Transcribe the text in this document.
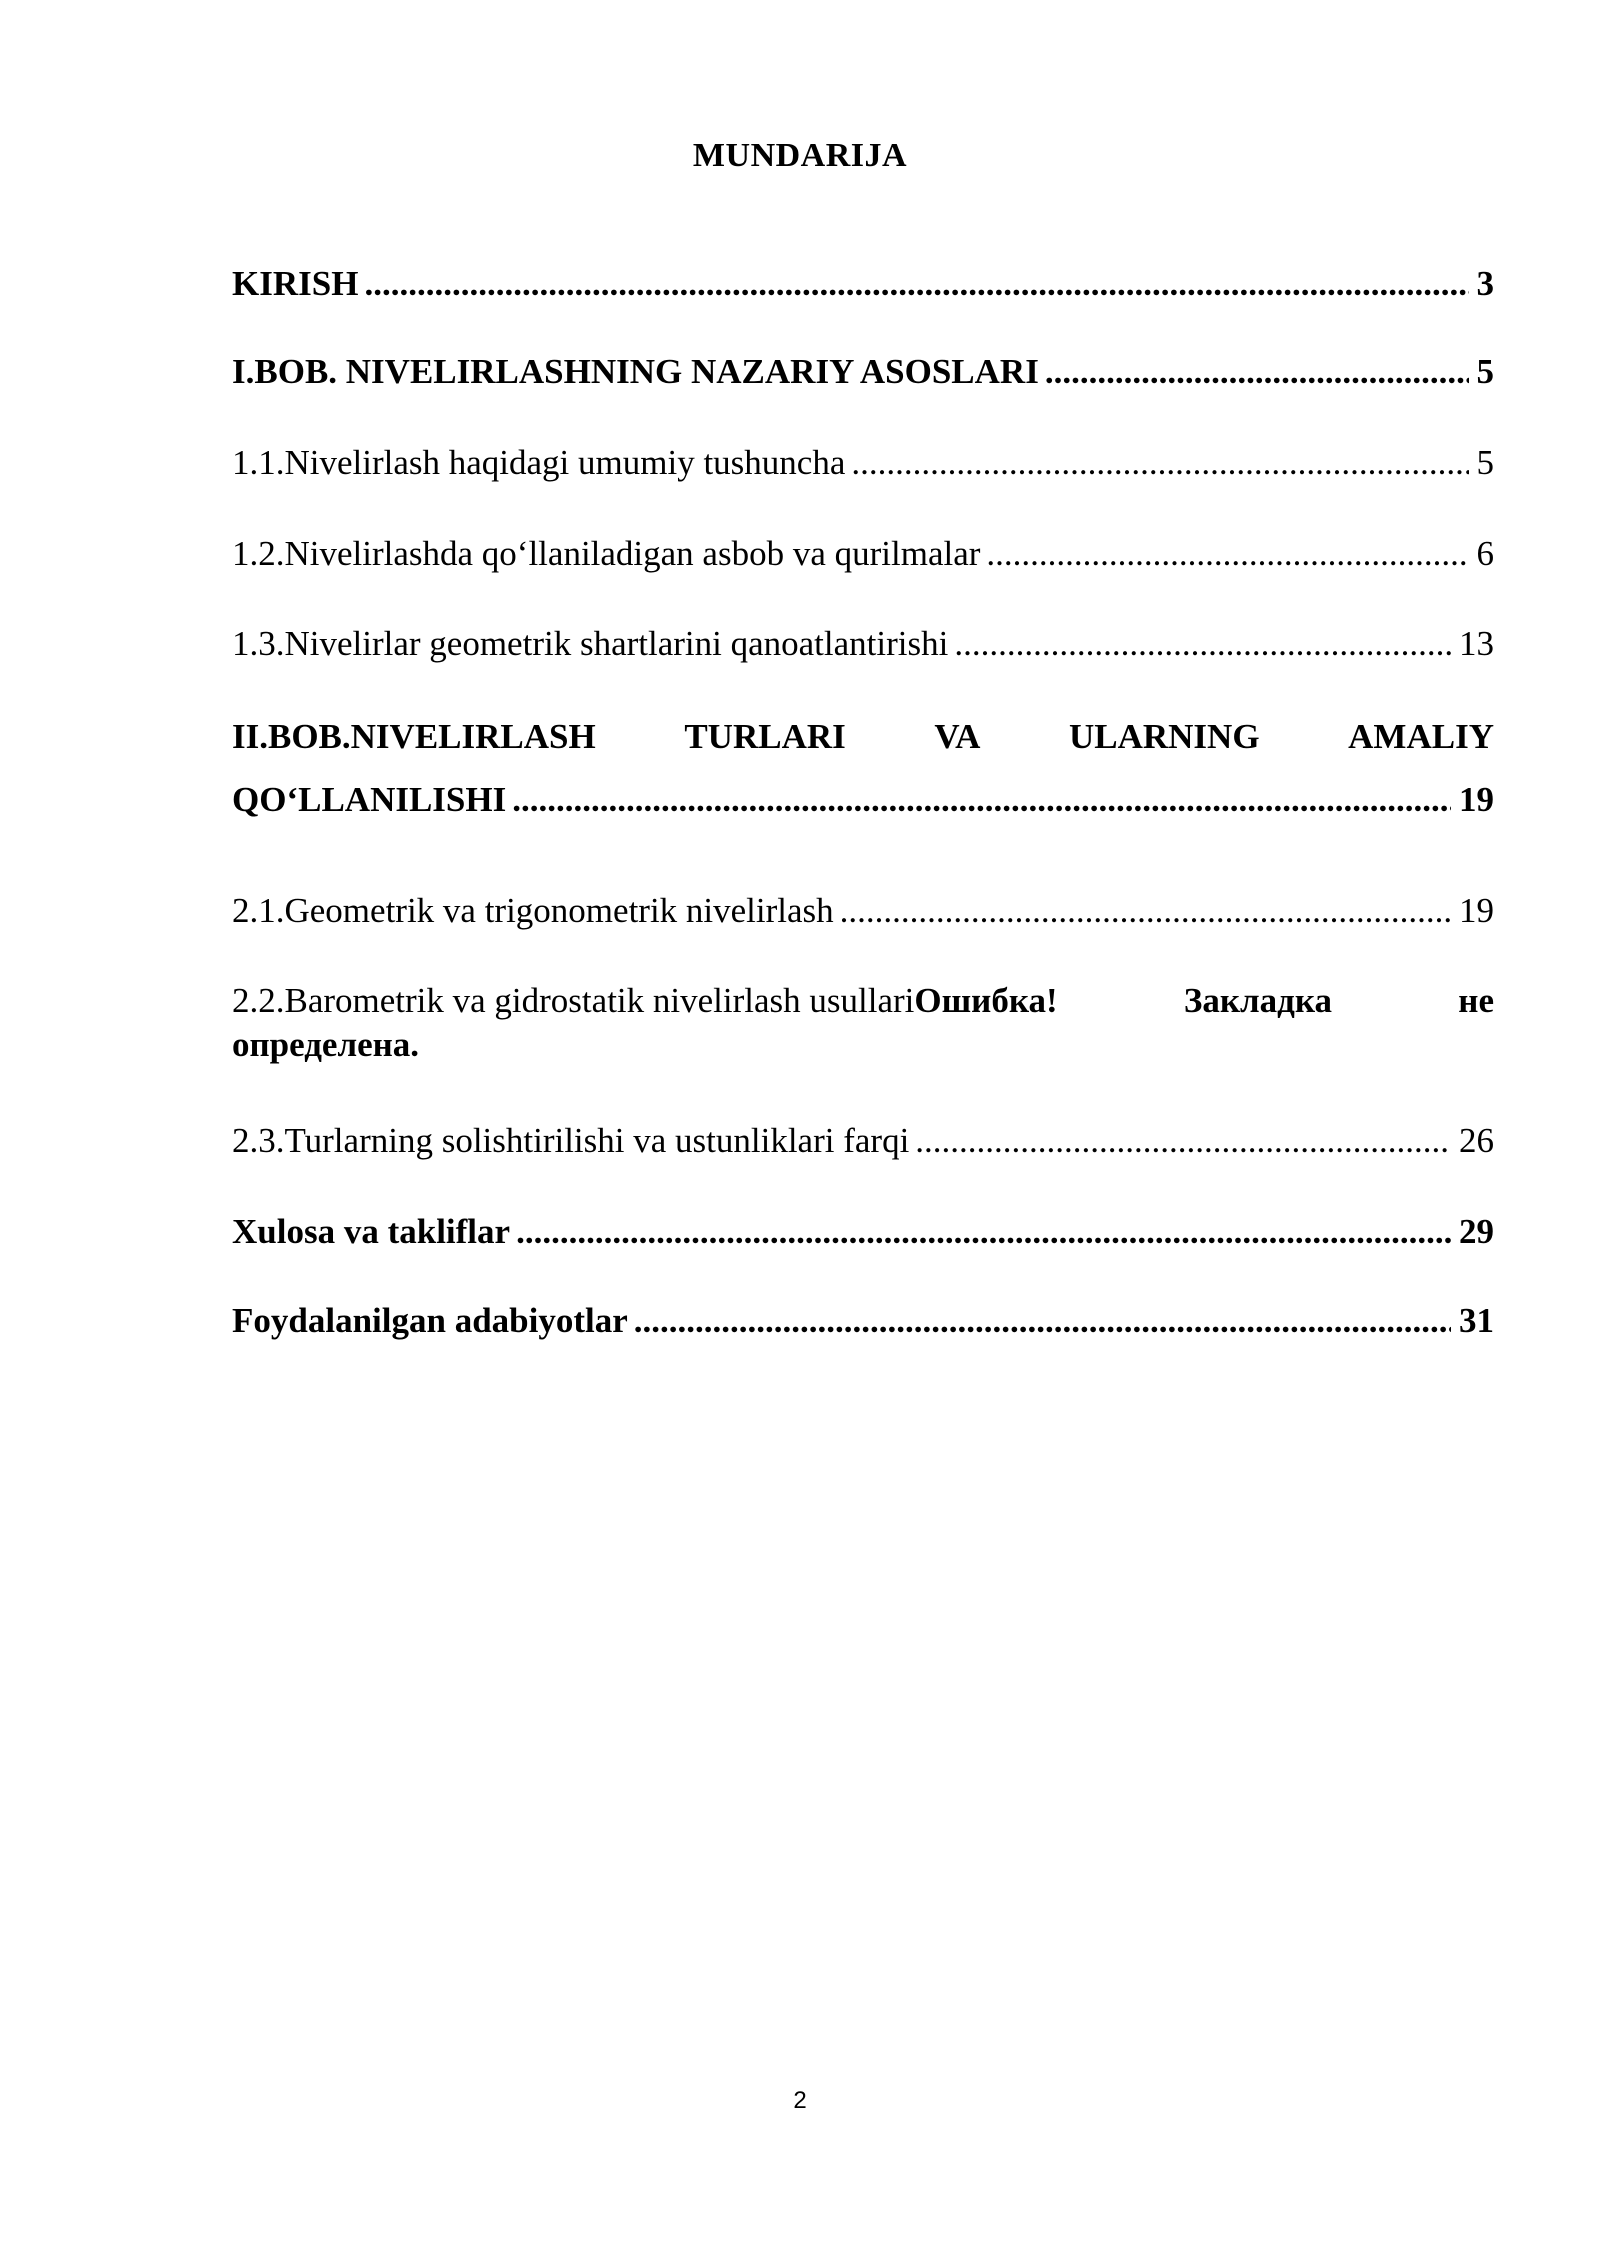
MUNDARIJA
KIRISH .....	3
I.BOB. NIVELIRLASHNING NAZARIY ASOSLARI .....	5
1.1.Nivelirlash haqidagi umumiy tushuncha .....	5
1.2.Nivelirlashda qo‘llaniladigan asbob va qurilmalar .....	6
1.3.Nivelirlar geometrik shartlarini qanoatlantirishi .....	13
II.BOB.NIVELIRLASH	TURLARI	VA	ULARNING	AMALIY
QO‘LLANILISHI .....	19
2.1.Geometrik va trigonometrik nivelirlash .....	19
2.2.Barometrik va gidrostatik nivelirlash usullariОшибка!	Закладка	не
определена.
2.3.Turlarning solishtirilishi va ustunliklari farqi .....	26
Xulosa va takliflar .....	29
Foydalanilgan adabiyotlar .....	31
2
